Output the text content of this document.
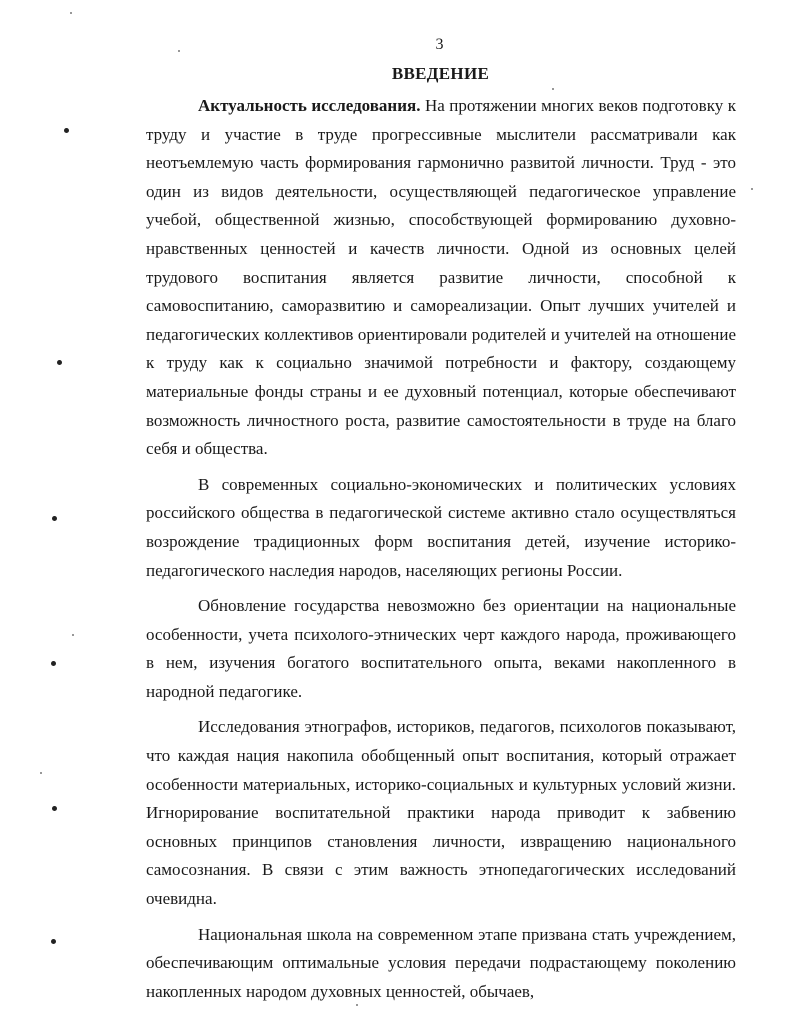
3
ВВЕДЕНИЕ

Актуальность исследования. На протяжении многих веков подготовку к труду и участие в труде прогрессивные мыслители рассматривали как неотъемлемую часть формирования гармонично развитой личности. Труд - это один из видов деятельности, осуществляющей педагогическое управление учебой, общественной жизнью, способствующей формированию духовно-нравственных ценностей и качеств личности. Одной из основных целей трудового воспитания является развитие личности, способной к самовоспитанию, саморазвитию и самореализации. Опыт лучших учителей и педагогических коллективов ориентировали родителей и учителей на отношение к труду как к социально значимой потребности и фактору, создающему материальные фонды страны и ее духовный потенциал, которые обеспечивают возможность личностного роста, развитие самостоятельности в труде на благо себя и общества.

В современных социально-экономических и политических условиях российского общества в педагогической системе активно стало осуществляться возрождение традиционных форм воспитания детей, изучение историко-педагогического наследия народов, населяющих регионы России.

Обновление государства невозможно без ориентации на национальные особенности, учета психолого-этнических черт каждого народа, проживающего в нем, изучения богатого воспитательного опыта, веками накопленного в народной педагогике.

Исследования этнографов, историков, педагогов, психологов показывают, что каждая нация накопила обобщенный опыт воспитания, который отражает особенности материальных, историко-социальных и культурных условий жизни. Игнорирование воспитательной практики народа приводит к забвению основных принципов становления личности, извращению национального самосознания. В связи с этим важность этнопедагогических исследований очевидна.

Национальная школа на современном этапе призвана стать учреждением, обеспечивающим оптимальные условия передачи подрастающему поколению накопленных народом духовных ценностей, обычаев,
